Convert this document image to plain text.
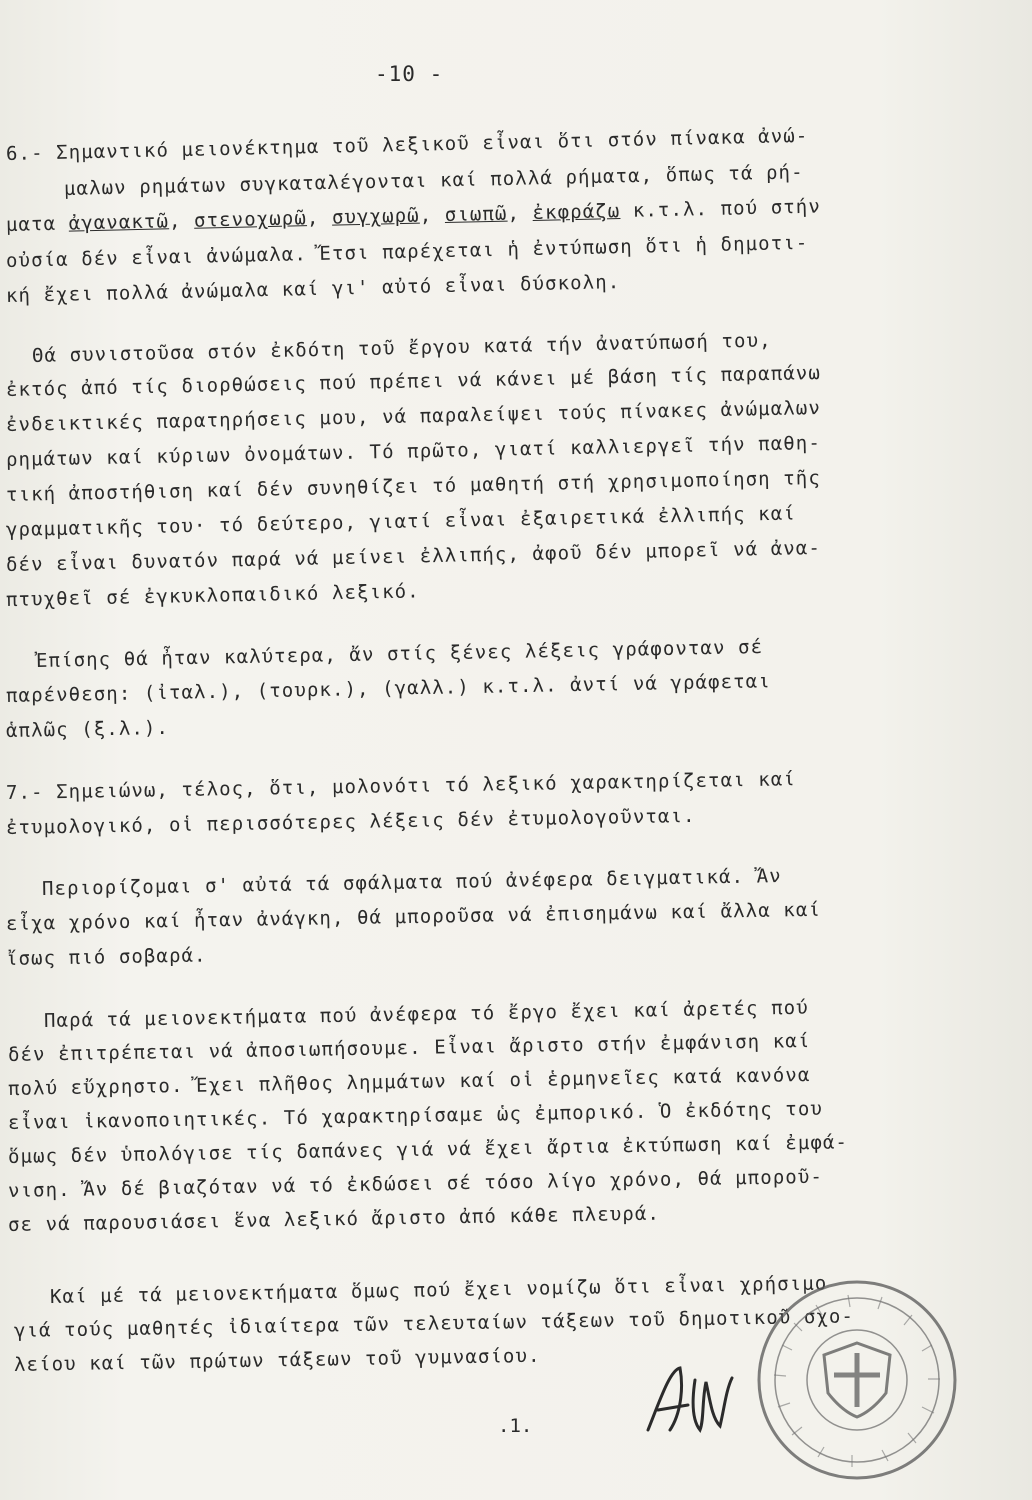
-10 -
6.- Σημαντικό μειονέκτημα τοῦ λεξικοῦ εἶναι ὅτι στόν πίνακα ἀνώ-
μαλων ρημάτων συγκαταλέγονται καί πολλά ρήματα, ὅπως τά ρή-
ματα ἀγανακτῶ, στενοχωρῶ, συγχωρῶ, σιωπῶ, ἐκφράζω κ.τ.λ. πού στήν
οὐσία δέν εἶναι ἀνώμαλα. Ἔτσι παρέχεται ἡ ἐντύπωση ὅτι ἡ δημοτι-
κή ἔχει πολλά ἀνώμαλα καί γι' αὐτό εἶναι δύσκολη.
Θά συνιστοῦσα στόν ἐκδότη τοῦ ἔργου κατά τήν ἀνατύπωσή του,
ἐκτός ἀπό τίς διορθώσεις πού πρέπει νά κάνει μέ βάση τίς παραπάνω
ἐνδεικτικές παρατηρήσεις μου, νά παραλείψει τούς πίνακες ἀνώμαλων
ρημάτων καί κύριων ὀνομάτων. Τό πρῶτο, γιατί καλλιεργεῖ τήν παθη-
τική ἀποστήθιση καί δέν συνηθίζει τό μαθητή στή χρησιμοποίηση τῆς
γραμματικῆς του· τό δεύτερο, γιατί εἶναι ἐξαιρετικά ἐλλιπής καί
δέν εἶναι δυνατόν παρά νά μείνει ἐλλιπής, ἀφοῦ δέν μπορεῖ νά ἀνα-
πτυχθεῖ σέ ἐγκυκλοπαιδικό λεξικό.
Ἐπίσης θά ἦταν καλύτερα, ἄν στίς ξένες λέξεις γράφονταν σέ
παρένθεση: (ἰταλ.), (τουρκ.), (γαλλ.) κ.τ.λ. ἀντί νά γράφεται
ἁπλῶς (ξ.λ.).
7.- Σημειώνω, τέλος, ὅτι, μολονότι τό λεξικό χαρακτηρίζεται καί
ἐτυμολογικό, οἱ περισσότερες λέξεις δέν ἐτυμολογοῦνται.
Περιορίζομαι σ' αὐτά τά σφάλματα πού ἀνέφερα δειγματικά. Ἄν
εἶχα χρόνο καί ἦταν ἀνάγκη, θά μποροῦσα νά ἐπισημάνω καί ἄλλα καί
ἴσως πιό σοβαρά.
Παρά τά μειονεκτήματα πού ἀνέφερα τό ἔργο ἔχει καί ἀρετές πού
δέν ἐπιτρέπεται νά ἀποσιωπήσουμε. Εἶναι ἄριστο στήν ἐμφάνιση καί
πολύ εὔχρηστο. Ἔχει πλῆθος λημμάτων καί οἱ ἑρμηνεῖες κατά κανόνα
εἶναι ἱκανοποιητικές. Τό χαρακτηρίσαμε ὡς ἐμπορικό. Ὁ ἐκδότης του
ὅμως δέν ὑπολόγισε τίς δαπάνες γιά νά ἔχει ἄρτια ἐκτύπωση καί ἐμφά-
νιση. Ἄν δέ βιαζόταν νά τό ἐκδώσει σέ τόσο λίγο χρόνο, θά μποροῦ-
σε νά παρουσιάσει ἕνα λεξικό ἄριστο ἀπό κάθε πλευρά.
Καί μέ τά μειονεκτήματα ὅμως πού ἔχει νομίζω ὅτι εἶναι χρήσιμο
γιά τούς μαθητές ἰδιαίτερα τῶν τελευταίων τάξεων τοῦ δημοτικοῦ σχο-
λείου καί τῶν πρώτων τάξεων τοῦ γυμνασίου.
.1.
